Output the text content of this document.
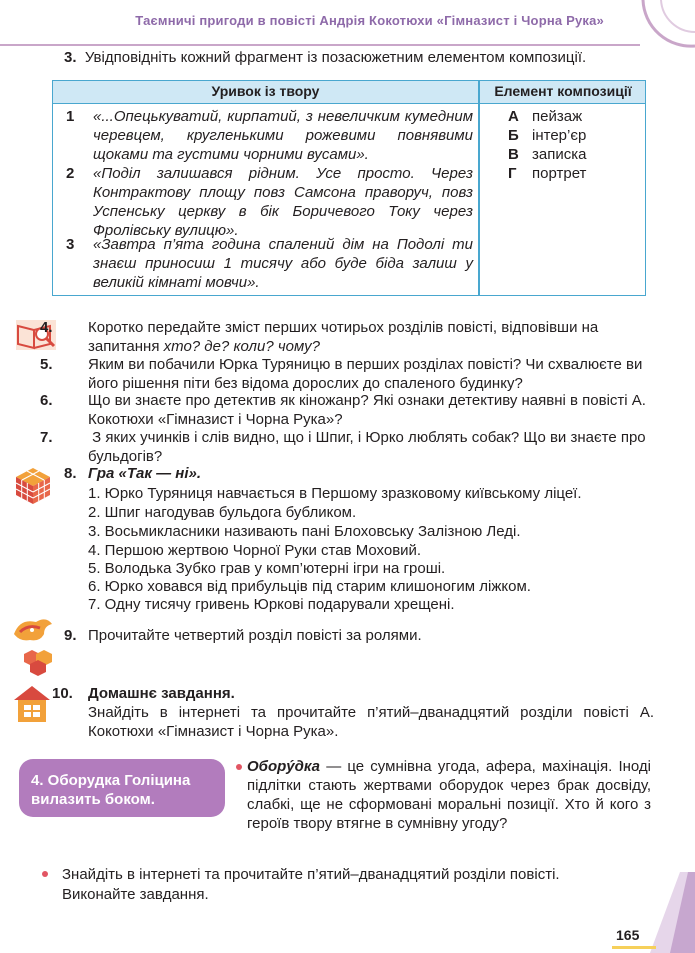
Таємничі пригоди в повісті Андрія Кокотюхи «Гімназист і Чорна Рука»
3. Увідповідніть кожний фрагмент із позасюжетним елементом композиції.
Уривок із твору	Елемент композиції
1 «...Опецькуватий, кирпатий, з невеличким кумедним черевцем, кругленькими рожевими повнявими щоками та густими чорними вусами».
2 «Поділ залишався рідним. Усе просто. Через Контрактову площу повз Самсона праворуч, повз Успенську церкву в бік Боричевого Току через Фролівську вулицю».
3 «Завтра п’ята година спалений дім на Подолі ти знаєш приносиш 1 тисячу або буде біда залиш у великій кімнаті мовчи».
А пейзаж
Б інтер’єр
В записка
Г портрет
4. Коротко передайте зміст перших чотирьох розділів повісті, відповівши на запитання хто? де? коли? чому?
5. Яким ви побачили Юрка Туряницю в перших розділах повісті? Чи схвалюєте ви його рішення піти без відома дорослих до спаленого будинку?
6. Що ви знаєте про детектив як кіножанр? Які ознаки детективу наявні в повісті А. Кокотюхи «Гімназист і Чорна Рука»?
7. З яких учинків і слів видно, що і Шпиг, і Юрко люблять собак? Що ви знаєте про бульдогів?
8. Гра «Так — ні».
1. Юрко Туряниця навчається в Першому зразковому київському ліцеї.
2. Шпиг нагодував бульдога бубликом.
3. Восьмикласники називають пані Блоховську Залізною Леді.
4. Першою жертвою Чорної Руки став Моховий.
5. Володька Зубко грав у комп’ютерні ігри на гроші.
6. Юрко ховався від прибульців під старим клишоногим ліжком.
7. Одну тисячу гривень Юркові подарували хрещені.
9. Прочитайте четвертий розділ повісті за ролями.
10. Домашнє завдання.
Знайдіть в інтернеті та прочитайте п’ятий–дванадцятий розділи повісті А. Кокотюхи «Гімназист і Чорна Рука».
4. Оборудка Голіцина
вилазить боком.
Оборýдка — це сумнівна угода, афера, махінація. Іноді підлітки стають жертвами оборудок через брак досвіду, слабкі, ще не сформовані моральні позиції. Хто й кого з героїв твору втягне в сумнівну угоду?
Знайдіть в інтернеті та прочитайте п’ятий–дванадцятий розділи повісті. Виконайте завдання.
165
